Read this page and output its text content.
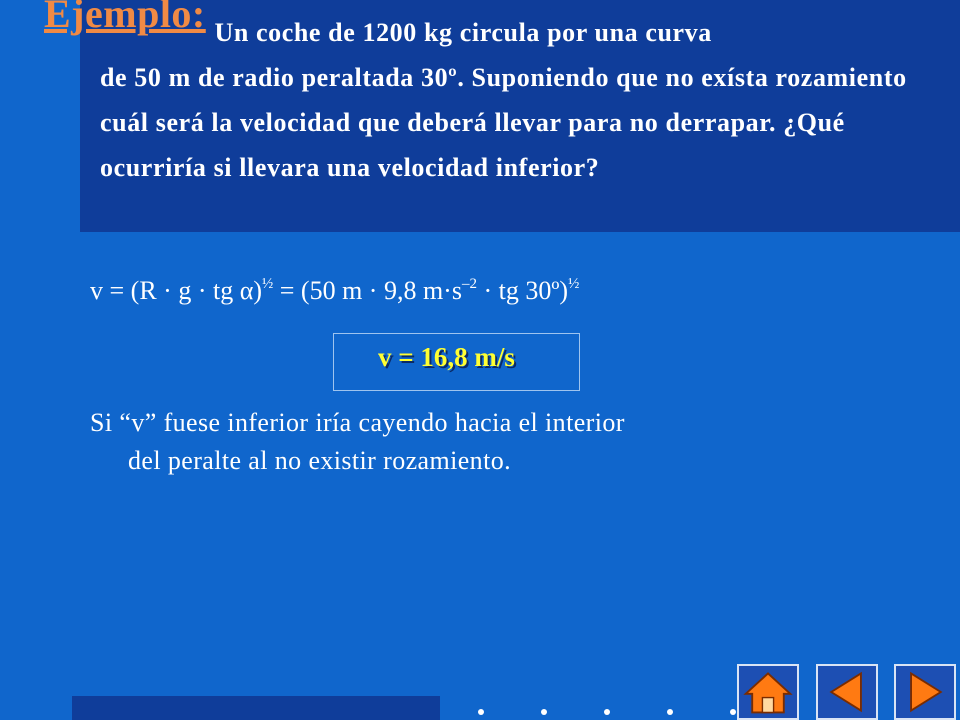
Un coche de 1200 kg circula por una curva
de 50 m de radio peraltada 30º. Suponiendo que no exísta rozamiento cuál será la velocidad que deberá llevar para no derrapar. ¿Qué ocurriría si llevara una velocidad inferior?

Ejemplo:
v = (R · g · tg α)$^{\frac{1}{2}}$ = (50 m · 9,8 $m\cdot s^{-2}$ · tg 30º)$^{\frac{1}{2}}$
v = 16,8 m/s
Si “v” fuese inferior iría cayendo hacia el interior
del peralte al no existir rozamiento.
